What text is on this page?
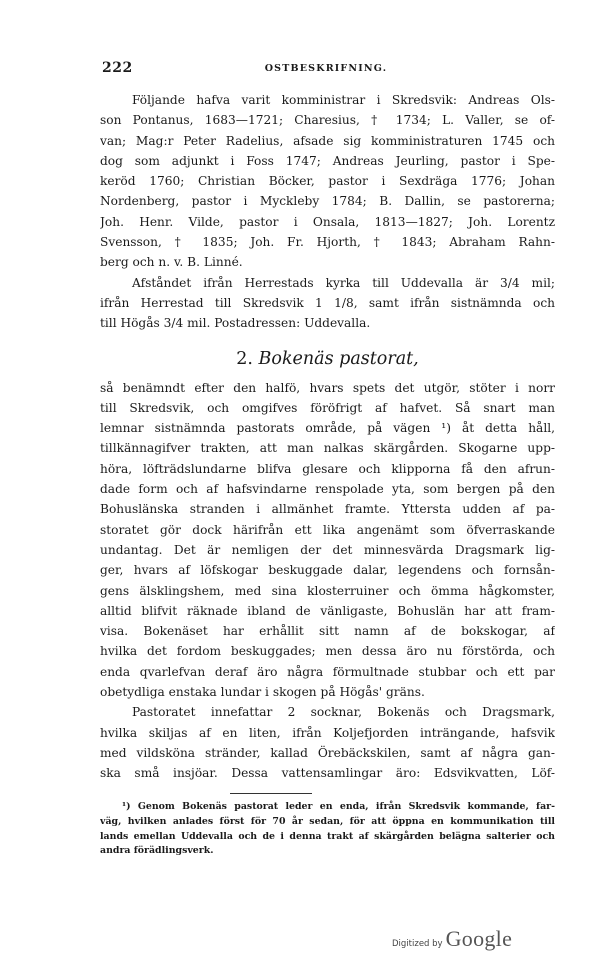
222	OSTBESKRIFNING.
Följande hafva varit komministrar i Skredsvik: Andreas Ols-
son Pontanus, 1683—1721; Charesius, † 1734; L. Valler, se of-
van; Mag:r Peter Radelius, afsade sig komministraturen 1745 och
dog som adjunkt i Foss 1747; Andreas Jeurling, pastor i Spe-
keröd 1760; Christian Böcker, pastor i Sexdräga 1776; Johan
Nordenberg, pastor i Myckleby 1784; B. Dallin, se pastorerna;
Joh. Henr. Vilde, pastor i Onsala, 1813—1827; Joh. Lorentz
Svensson, † 1835; Joh. Fr. Hjorth, † 1843; Abraham Rahn-
berg och n. v. B. Linné.
Afståndet ifrån Herrestads kyrka till Uddevalla är 3/4 mil;
ifrån Herrestad till Skredsvik 1 1/8, samt ifrån sistnämnda och
till Högås 3/4 mil. Postadressen: Uddevalla.
2. Bokenäs pastorat,
så benämndt efter den halfö, hvars spets det utgör, stöter i norr
till Skredsvik, och omgifves föröfrigt af hafvet. Så snart man
lemnar sistnämnda pastorats område, på vägen ¹) åt detta håll,
tillkännagifver trakten, att man nalkas skärgården. Skogarne upp-
höra, löfträdslundarne blifva glesare och klipporna få den afrun-
dade form och af hafsvindarne renspolade yta, som bergen på den
Bohuslänska stranden i allmänhet framte. Yttersta udden af pa-
storatet gör dock härifrån ett lika angenämt som öfverraskande
undantag. Det är nemligen der det minnesvärda Dragsmark lig-
ger, hvars af löfskogar beskuggade dalar, legendens och fornsån-
gens älsklingshem, med sina klosterruiner och ömma hågkomster,
alltid blifvit räknade ibland de vänligaste, Bohuslän har att fram-
visa. Bokenäset har erhållit sitt namn af de bokskogar, af
hvilka det fordom beskuggades; men dessa äro nu förstörda, och
enda qvarlefvan deraf äro några förmultnade stubbar och ett par
obetydliga enstaka lundar i skogen på Högås' gräns.
Pastoratet innefattar 2 socknar, Bokenäs och Dragsmark,
hvilka skiljas af en liten, ifrån Koljefjorden inträngande, hafsvik
med vildsköna stränder, kallad Örebäckskilen, samt af några gan-
ska små insjöar. Dessa vattensamlingar äro: Edsvikvatten, Löf-
¹) Genom Bokenäs pastorat leder en enda, ifrån Skredsvik kommande, far-
väg, hvilken anlades först för 70 år sedan, för att öppna en kommunikation till
lands emellan Uddevalla och de i denna trakt af skärgården belägna salterier och
andra förädlingsverk.
Digitized by Google
